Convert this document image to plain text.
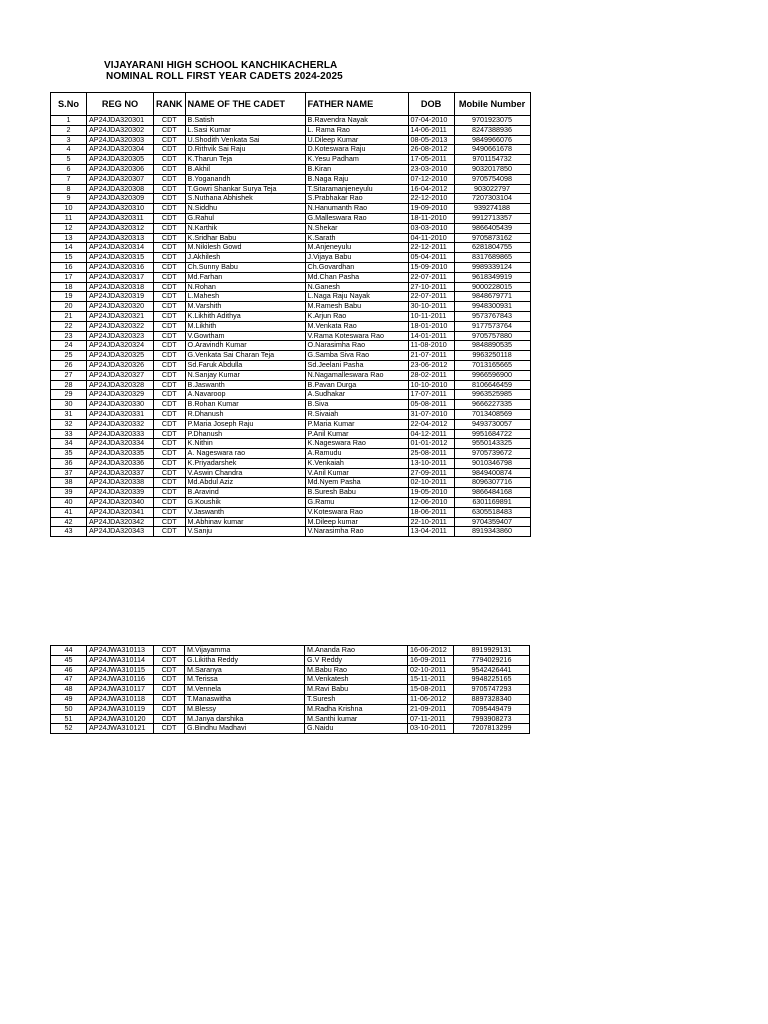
VIJAYARANI HIGH SCHOOL KANCHIKACHERLA
NOMINAL ROLL FIRST YEAR CADETS 2024-2025
S.No	REG NO	RANK	NAME OF THE CADET	FATHER NAME	DOB	Mobile Number
1	AP24JDA320301	CDT	B.Satish	B.Ravendra Nayak	07-04-2010	9701923075
2	AP24JDA320302	CDT	L.Sasi Kumar	L. Rama Rao	14-06-2011	8247388936
3	AP24JDA320303	CDT	U.Shodith Venkata Sai	U.Dileep Kumar	08-05-2013	9849966076
4	AP24JDA320304	CDT	D.Rithvik Sai Raju	D.Koteswara Raju	26-08-2012	9490661678
5	AP24JDA320305	CDT	K.Tharun Teja	K.Yesu Padham	17-05-2011	9701154732
6	AP24JDA320306	CDT	B.Akhil	B.Kiran	23-03-2010	9032017850
7	AP24JDA320307	CDT	B.Yoganandh	B.Naga Raju	07-12-2010	9705754098
8	AP24JDA320308	CDT	T.Gowri Shankar Surya Teja	T.Sitaramanjeneyulu	16-04-2012	903022797
9	AP24JDA320309	CDT	S.Nuthana Abhishek	S.Prabhakar Rao	22-12-2010	7207303104
10	AP24JDA320310	CDT	N.Siddhu	N.Hanumanth Rao	19-09-2010	939274188
11	AP24JDA320311	CDT	G.Rahul	G.Malleswara Rao	18-11-2010	9912713357
12	AP24JDA320312	CDT	N.Karthik	N.Shekar	03-03-2010	9866405439
13	AP24JDA320313	CDT	K.Sridhar Babu	K.Sarath	04-11-2010	9705873162
14	AP24JDA320314	CDT	M.Nikilesh Gowd	M.Anjeneyulu	22-12-2011	6281804755
15	AP24JDA320315	CDT	J.Akhilesh	J.Vijaya Babu	05-04-2011	8317689865
16	AP24JDA320316	CDT	Ch.Sunny Babu	Ch.Govardhan	15-09-2010	9989339124
17	AP24JDA320317	CDT	Md.Farhan	Md.Chan Pasha	22-07-2011	9618349919
18	AP24JDA320318	CDT	N.Rohan	N.Ganesh	27-10-2011	9000228015
19	AP24JDA320319	CDT	L.Mahesh	L.Naga Raju Nayak	22-07-2011	9848679771
20	AP24JDA320320	CDT	M.Varshith	M.Ramesh Babu	30-10-2011	9948300931
21	AP24JDA320321	CDT	K.Likhith Adithya	K.Arjun Rao	10-11-2011	9573767843
22	AP24JDA320322	CDT	M.Likhith	M.Venkata Rao	18-01-2010	9177573764
23	AP24JDA320323	CDT	V.Gowtham	V.Rama Koteswara Rao	14-01-2011	9705757880
24	AP24JDA320324	CDT	O.Aravindh Kumar	O.Narasimha Rao	11-08-2010	9848890535
25	AP24JDA320325	CDT	G.Venkata Sai Charan Teja	G.Samba Siva Rao	21-07-2011	9963250118
26	AP24JDA320326	CDT	Sd.Faruk Abdulla	Sd.Jeelani Pasha	23-06-2012	7013165665
27	AP24JDA320327	CDT	N.Sanjay Kumar	N.Nagamalleswara Rao	28-02-2011	9966596900
28	AP24JDA320328	CDT	B.Jaswanth	B.Pavan Durga	10-10-2010	8106646459
29	AP24JDA320329	CDT	A.Navaroop	A.Sudhakar	17-07-2011	9963525985
30	AP24JDA320330	CDT	B.Rohan Kumar	B.Siva	05-08-2011	9666227335
31	AP24JDA320331	CDT	R.Dhanush	R.Sivaiah	31-07-2010	7013408569
32	AP24JDA320332	CDT	P.Maria Joseph Raju	P.Maria Kumar	22-04-2012	9493730057
33	AP24JDA320333	CDT	P.Dhanush	P.Anil Kumar	04-12-2011	9951684722
34	AP24JDA320334	CDT	K.Nithin	K.Nageswara Rao	01-01-2012	9550143325
35	AP24JDA320335	CDT	A. Nageswara rao	A.Ramudu	25-08-2011	9705739672
36	AP24JDA320336	CDT	K.Priyadarshek	K.Venkaiah	13-10-2011	9010346798
37	AP24JDA320337	CDT	V.Aswin Chandra	V.Anil Kumar	27-09-2011	9849400874
38	AP24JDA320338	CDT	Md.Abdul Aziz	Md.Nyem Pasha	02-10-2011	8096307716
39	AP24JDA320339	CDT	B.Aravind	B.Suresh Babu	19-05-2010	9866484168
40	AP24JDA320340	CDT	G.Koushik	G.Ramu	12-06-2010	6301169891
41	AP24JDA320341	CDT	V.Jaswanth	V.Koteswara Rao	18-06-2011	6305518483
42	AP24JDA320342	CDT	M.Abhinav kumar	M.Dileep kumar	22-10-2011	9704359407
43	AP24JDA320343	CDT	V.Sanju	V.Narasimha Rao	13-04-2011	8919343860
44	AP24JWA310113	CDT	M.Vijayamma	M.Ananda Rao	16-06-2012	8919929131
45	AP24JWA310114	CDT	G.Likitha Reddy	G.V Reddy	16-09-2011	7794029216
46	AP24JWA310115	CDT	M.Saranya	M.Babu Rao	02-10-2011	9542426441
47	AP24JWA310116	CDT	M.Terissa	M.Venkatesh	15-11-2011	9948225165
48	AP24JWA310117	CDT	M.Vennela	M.Ravi Babu	15-08-2011	9705747293
49	AP24JWA310118	CDT	T.Manaswitha	T.Suresh	11-06-2012	8897328340
50	AP24JWA310119	CDT	M.Blessy	M.Radha Krishna	21-09-2011	7095449479
51	AP24JWA310120	CDT	M.Janya darshika	M.Santhi kumar	07-11-2011	7993908273
52	AP24JWA310121	CDT	G.Bindhu Madhavi	G.Naidu	03-10-2011	7207813299
